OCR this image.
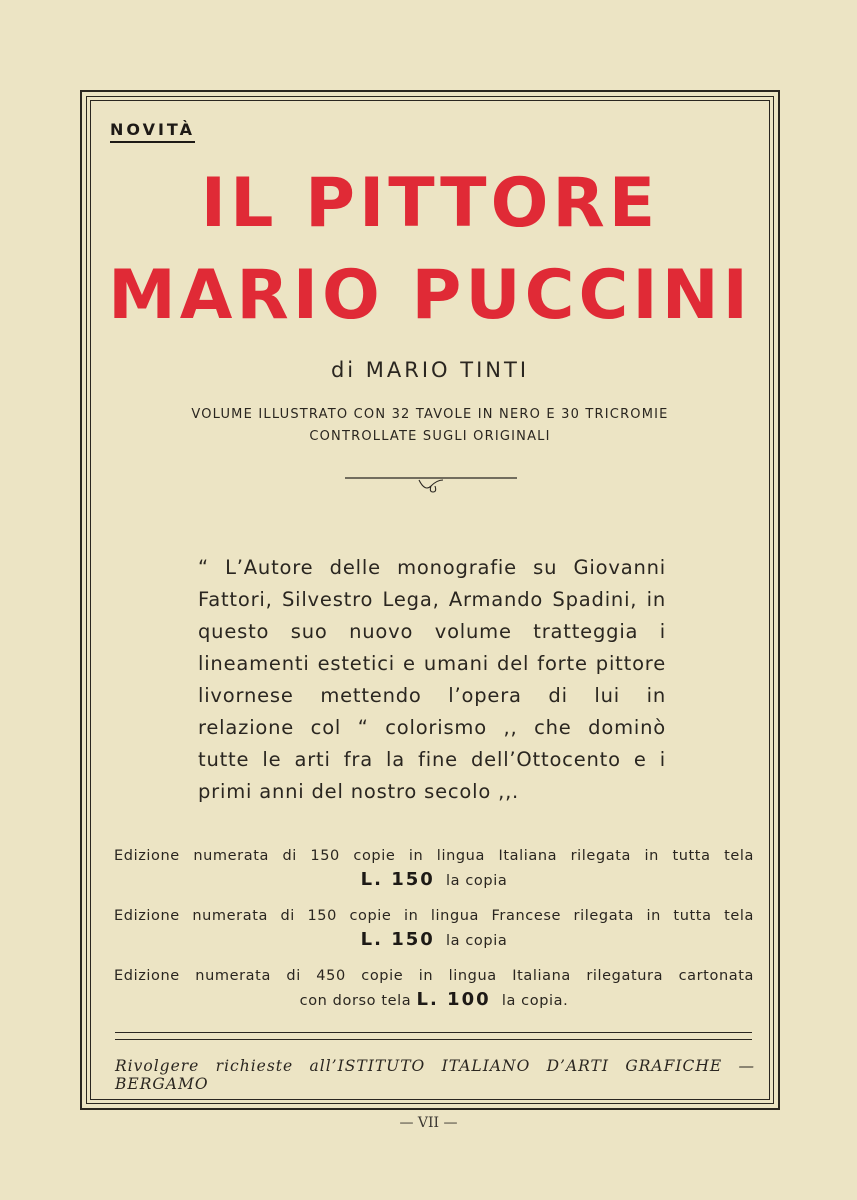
NOVITÀ
IL PITTORE
MARIO PUCCINI
di MARIO TINTI
VOLUME ILLUSTRATO CON 32 TAVOLE IN NERO E 30 TRICROMIE
CONTROLLATE SUGLI ORIGINALI
“ L’Autore delle monografie su Giovanni Fattori, Silvestro Lega, Armando Spadini, in questo suo nuovo volume tratteggia i lineamenti estetici e umani del forte pittore livornese mettendo l’opera di lui in relazione col “ colorismo ,, che dominò tutte le arti fra la fine dell’Ottocento e i primi anni del nostro secolo ,,.
Edizione numerata di 150 copie in lingua Italiana rilegata in tutta tela
L. 150 la copia
Edizione numerata di 150 copie in lingua Francese rilegata in tutta tela
L. 150 la copia
Edizione numerata di 450 copie in lingua Italiana rilegatura cartonata
con dorso tela L. 100 la copia.
Rivolgere richieste all’ISTITUTO ITALIANO D’ARTI GRAFICHE — BERGAMO
— VII —
